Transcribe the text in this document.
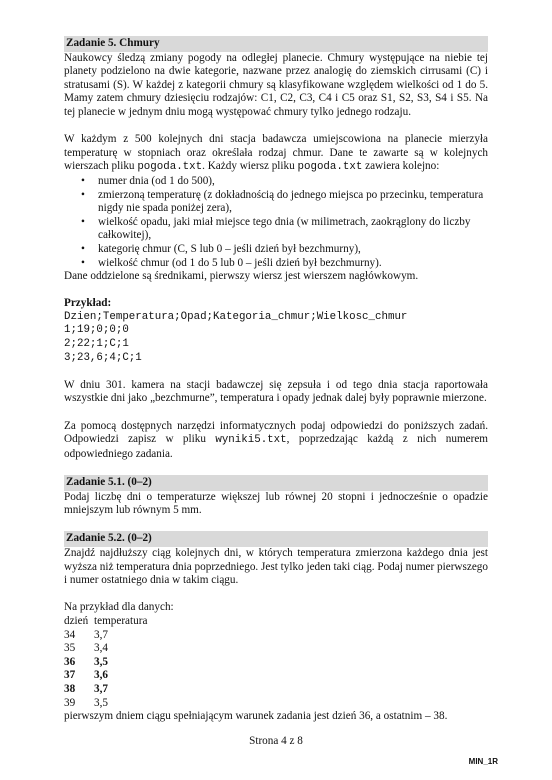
Zadanie 5. Chmury

Naukowcy śledzą zmiany pogody na odległej planecie. Chmury występujące na niebie tej planety podzielono na dwie kategorie, nazwane przez analogię do ziemskich cirrusami (C) i stratusami (S). W każdej z kategorii chmury są klasyfikowane względem wielkości od 1 do 5. Mamy zatem chmury dziesięciu rodzajów: C1, C2, C3, C4 i C5 oraz S1, S2, S3, S4 i S5. Na tej planecie w jednym dniu mogą występować chmury tylko jednego rodzaju.

W każdym z 500 kolejnych dni stacja badawcza umiejscowiona na planecie mierzyła temperaturę w stopniach oraz określała rodzaj chmur. Dane te zawarte są w kolejnych wierszach pliku pogoda.txt. Każdy wiersz pliku pogoda.txt zawiera kolejno:

• numer dnia (od 1 do 500),
• zmierzoną temperaturę (z dokładnością do jednego miejsca po przecinku, temperatura nigdy nie spada poniżej zera),
• wielkość opadu, jaki miał miejsce tego dnia (w milimetrach, zaokrąglony do liczby całkowitej),
• kategorię chmur (C, S lub 0 – jeśli dzień był bezchmurny),
• wielkość chmur (od 1 do 5 lub 0 – jeśli dzień był bezchmurny).

Dane oddzielone są średnikami, pierwszy wiersz jest wierszem nagłówkowym.

Przykład:
Dzien;Temperatura;Opad;Kategoria_chmur;Wielkosc_chmur
1;19;0;0;0
2;22;1;C;1
3;23,6;4;C;1

W dniu 301. kamera na stacji badawczej się zepsuła i od tego dnia stacja raportowała wszystkie dni jako „bezchmurne”, temperatura i opady jednak dalej były poprawnie mierzone.

Za pomocą dostępnych narzędzi informatycznych podaj odpowiedzi do poniższych zadań. Odpowiedzi zapisz w pliku wyniki5.txt, poprzedzając każdą z nich numerem odpowiedniego zadania.

Zadanie 5.1. (0–2)

Podaj liczbę dni o temperaturze większej lub równej 20 stopni i jednocześnie o opadzie mniejszym lub równym 5 mm.

Zadanie 5.2. (0–2)

Znajdź najdłuższy ciąg kolejnych dni, w których temperatura zmierzona każdego dnia jest wyższa niż temperatura dnia poprzedniego. Jest tylko jeden taki ciąg. Podaj numer pierwszego i numer ostatniego dnia w takim ciągu.

Na przykład dla danych:
dzień	temperatura
34	3,7
35	3,4
36	3,5
37	3,6
38	3,7
39	3,5

pierwszym dniem ciągu spełniającym warunek zadania jest dzień 36, a ostatnim – 38.

Strona 4 z 8
MIN_1R
